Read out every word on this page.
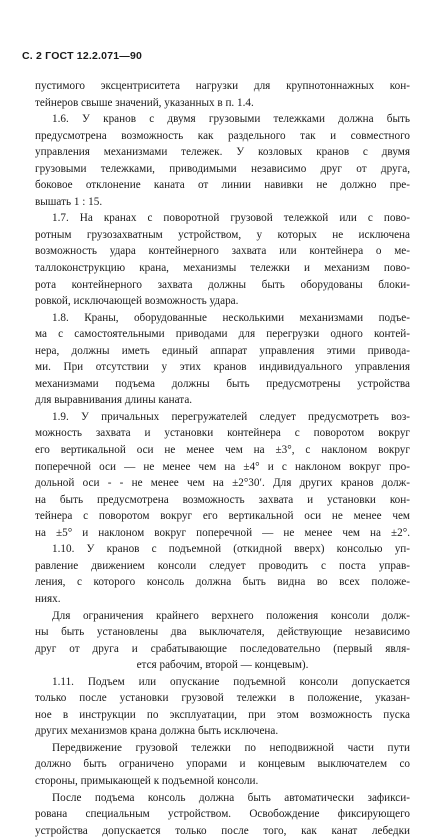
С. 2 ГОСТ 12.2.071—90
пустимого эксцентриситета нагрузки для крупнотоннажных кон-
тейнеров свыше значений, указанных в п. 1.4.
1.6. У кранов с двумя грузовыми тележками должна быть
предусмотрена возможность как раздельного так и совместного
управления механизмами тележек. У козловых кранов с двумя
грузовыми тележками, приводимыми независимо друг от друга,
боковое отклонение каната от линии навивки не должно пре-
вышать 1 : 15.
1.7. На кранах с поворотной грузовой тележкой или с пово-
ротным грузозахватным устройством, у которых не исключена
возможность удара контейнерного захвата или контейнера о ме-
таллоконструкцию крана, механизмы тележки и механизм пово-
рота контейнерного захвата должны быть оборудованы блоки-
ровкой, исключающей возможность удара.
1.8. Краны, оборудованные несколькими механизмами подъе-
ма с самостоятельными приводами для перегрузки одного контей-
нера, должны иметь единый аппарат управления этими приводa-
ми. При отсутствии у этих кранов индивидуального управления
механизмами подъема должны быть предусмотрены устройства
для выравнивания длины каната.
1.9. У причальных перегружателей следует предусмотреть воз-
можность захвата и установки контейнера с поворотом вокруг
его вертикальной оси не менее чем на ±3°, с наклоном вокруг
поперечной оси — не менее чем на ±4° и с наклоном вокруг про-
дольной оси - - не менее чем на ±2°30′. Для других кранов долж-
на быть предусмотрена возможность захвата и установки кон-
тейнера с поворотом вокруг его вертикальной оси не менее чем
на ±5° и наклоном вокруг поперечной — не менее чем на ±2°.
1.10. У кранов с подъемной (откидной вверх) консолью уп-
равление движением консоли следует проводить с поста управ-
ления, с которого консоль должна быть видна во всех положе-
ниях.
Для ограничения крайнего верхнего положения консоли долж-
ны быть установлены два выключателя, действующие независимо
друг от друга и срабатывающие последовательно (первый явля-
ется рабочим, второй — концевым).
1.11. Подъем или опускание подъемной консоли допускается
только после установки грузовой тележки в положение, указан-
ное в инструкции по эксплуатации, при этом возможность пуска
других механизмов крана должна быть исключена.
Передвижение грузовой тележки по неподвижной части пути
должно быть ограничено упорами и концевым выключателем со
стороны, примыкающей к подъемной консоли.
После подъема консоль должна быть автоматически зафикси-
рована специальным устройством. Освобождение фиксирующего
устройства допускается только после того, как канат лебедки
